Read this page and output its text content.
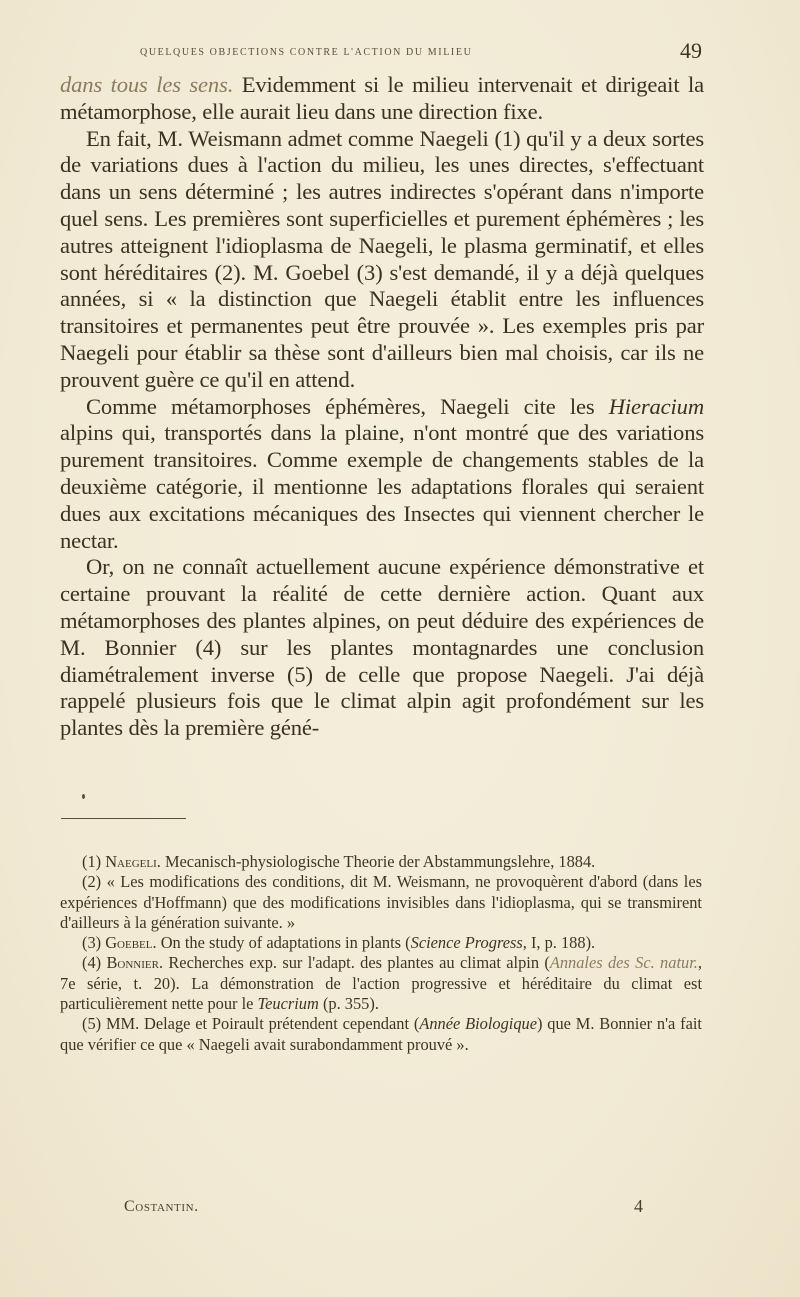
quelques objections contre l'action du milieu	49

dans tous les sens. Evidemment si le milieu intervenait et dirigeait la métamorphose, elle aurait lieu dans une direction fixe.

En fait, M. Weismann admet comme Naegeli (1) qu'il y a deux sortes de variations dues à l'action du milieu, les unes directes, s'effectuant dans un sens déterminé ; les autres indirectes s'opérant dans n'importe quel sens. Les premières sont superficielles et purement éphémères ; les autres atteignent l'idioplasma de Naegeli, le plasma germinatif, et elles sont héréditaires (2). M. Goebel (3) s'est demandé, il y a déjà quelques années, si « la distinction que Naegeli établit entre les influences transitoires et permanentes peut être prouvée ». Les exemples pris par Naegeli pour établir sa thèse sont d'ailleurs bien mal choisis, car ils ne prouvent guère ce qu'il en attend.

Comme métamorphoses éphémères, Naegeli cite les Hieracium alpins qui, transportés dans la plaine, n'ont montré que des variations purement transitoires. Comme exemple de changements stables de la deuxième catégorie, il mentionne les adaptations florales qui seraient dues aux excitations mécaniques des Insectes qui viennent chercher le nectar.

Or, on ne connaît actuellement aucune expérience démonstrative et certaine prouvant la réalité de cette dernière action. Quant aux métamorphoses des plantes alpines, on peut déduire des expériences de M. Bonnier (4) sur les plantes montagnardes une conclusion diamétralement inverse (5) de celle que propose Naegeli. J'ai déjà rappelé plusieurs fois que le climat alpin agit profondément sur les plantes dès la première géné-

(1) Naegeli. Mecanisch-physiologische Theorie der Abstammungslehre, 1884.

(2) « Les modifications des conditions, dit M. Weismann, ne provoquèrent d'abord (dans les expériences d'Hoffmann) que des modifications invisibles dans l'idioplasma, qui se transmirent d'ailleurs à la génération suivante. »

(3) Goebel. On the study of adaptations in plants (Science Progress, I, p. 188).

(4) Bonnier. Recherches exp. sur l'adapt. des plantes au climat alpin (Annales des Sc. natur., 7e série, t. 20). La démonstration de l'action progressive et héréditaire du climat est particulièrement nette pour le Teucrium (p. 355).

(5) MM. Delage et Poirault prétendent cependant (Année Biologique) que M. Bonnier n'a fait que vérifier ce que « Naegeli avait surabondamment prouvé ».

Costantin.	4
